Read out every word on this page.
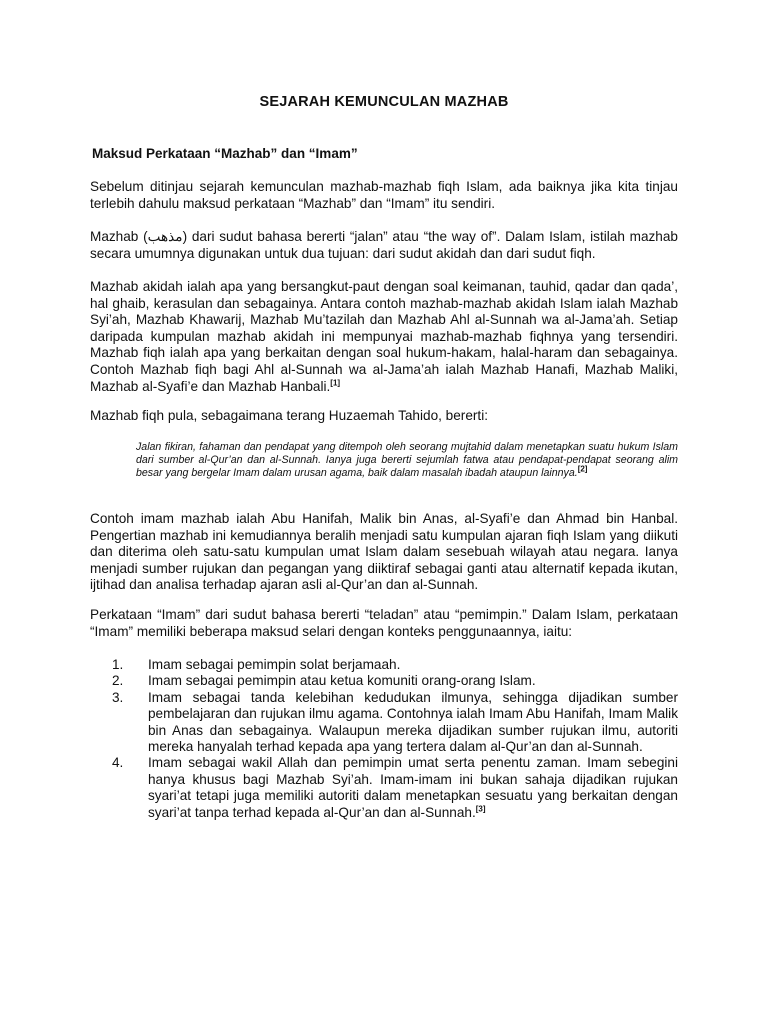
SEJARAH KEMUNCULAN MAZHAB
Maksud Perkataan “Mazhab” dan “Imam”

Sebelum ditinjau sejarah kemunculan mazhab-mazhab fiqh Islam, ada baiknya jika kita tinjau terlebih dahulu maksud perkataan “Mazhab” dan “Imam” itu sendiri.

Mazhab (مذهب) dari sudut bahasa bererti “jalan” atau “the way of”. Dalam Islam, istilah mazhab secara umumnya digunakan untuk dua tujuan: dari sudut akidah dan dari sudut fiqh.

Mazhab akidah ialah apa yang bersangkut-paut dengan soal keimanan, tauhid, qadar dan qada’, hal ghaib, kerasulan dan sebagainya. Antara contoh mazhab-mazhab akidah Islam ialah Mazhab Syi’ah, Mazhab Khawarij, Mazhab Mu’tazilah dan Mazhab Ahl al-Sunnah wa al-Jama’ah. Setiap daripada kumpulan mazhab akidah ini mempunyai mazhab-mazhab fiqhnya yang tersendiri. Mazhab fiqh ialah apa yang berkaitan dengan soal hukum-hakam, halal-haram dan sebagainya. Contoh Mazhab fiqh bagi Ahl al-Sunnah wa al-Jama’ah ialah Mazhab Hanafi, Mazhab Maliki, Mazhab al-Syafi’e dan Mazhab Hanbali.[1]

Mazhab fiqh pula, sebagaimana terang Huzaemah Tahido, bererti:

Jalan fikiran, fahaman dan pendapat yang ditempoh oleh seorang mujtahid dalam menetapkan suatu hukum Islam dari sumber al-Qur’an dan al-Sunnah. Ianya juga bererti sejumlah fatwa atau pendapat-pendapat seorang alim besar yang bergelar Imam dalam urusan agama, baik dalam masalah ibadah ataupun lainnya.[2]

Contoh imam mazhab ialah Abu Hanifah, Malik bin Anas, al-Syafi’e dan Ahmad bin Hanbal. Pengertian mazhab ini kemudiannya beralih menjadi satu kumpulan ajaran fiqh Islam yang diikuti dan diterima oleh satu-satu kumpulan umat Islam dalam sesebuah wilayah atau negara. Ianya menjadi sumber rujukan dan pegangan yang diiktiraf sebagai ganti atau alternatif kepada ikutan, ijtihad dan analisa terhadap ajaran asli al-Qur’an dan al-Sunnah.

Perkataan “Imam” dari sudut bahasa bererti “teladan” atau “pemimpin.” Dalam Islam, perkataan “Imam” memiliki beberapa maksud selari dengan konteks penggunaannya, iaitu:

1. Imam sebagai pemimpin solat berjamaah.
2. Imam sebagai pemimpin atau ketua komuniti orang-orang Islam.
3. Imam sebagai tanda kelebihan kedudukan ilmunya, sehingga dijadikan sumber pembelajaran dan rujukan ilmu agama. Contohnya ialah Imam Abu Hanifah, Imam Malik bin Anas dan sebagainya. Walaupun mereka dijadikan sumber rujukan ilmu, autoriti mereka hanyalah terhad kepada apa yang tertera dalam al-Qur’an dan al-Sunnah.
4. Imam sebagai wakil Allah dan pemimpin umat serta penentu zaman. Imam sebegini hanya khusus bagi Mazhab Syi’ah. Imam-imam ini bukan sahaja dijadikan rujukan syari’at tetapi juga memiliki autoriti dalam menetapkan sesuatu yang berkaitan dengan syari’at tanpa terhad kepada al-Qur’an dan al-Sunnah.[3]
